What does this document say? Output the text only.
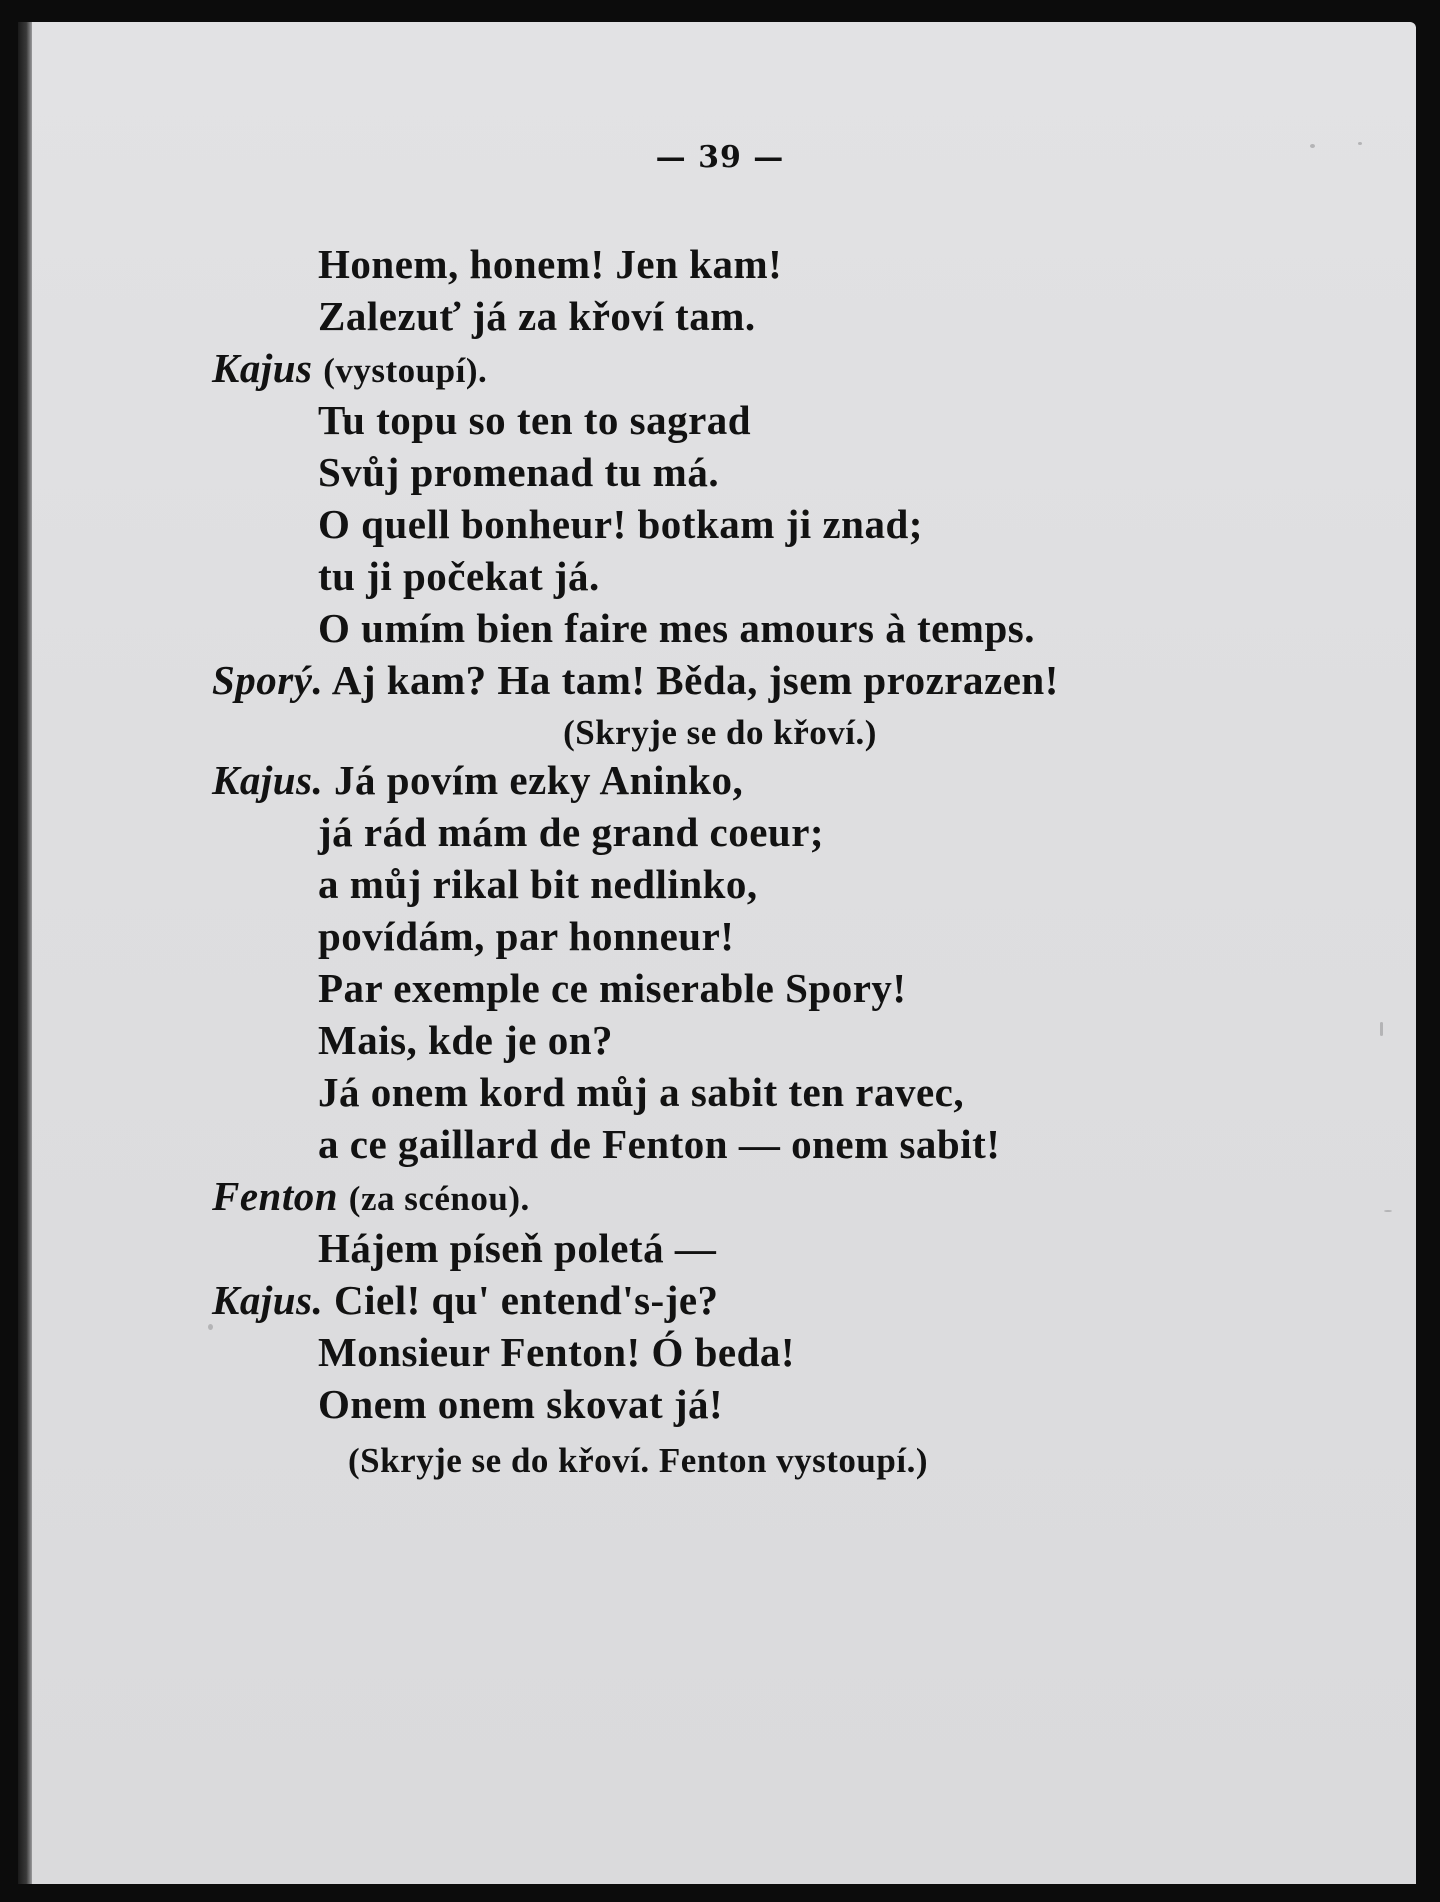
— 39 —
Honem, honem! Jen kam!
Zalezuť já za křoví tam.
Kajus (vystoupí).
Tu topu so ten to sagrad
Svůj promenad tu má.
O quell bonheur! botkam ji znad;
tu ji počekat já.
O umím bien faire mes amours à temps.
Sporý. Aj kam? Ha tam! Běda, jsem prozrazen!
(Skryje se do křoví.)
Kajus. Já povím ezky Aninko,
já rád mám de grand coeur;
a můj rikal bit nedlinko,
povídám, par honneur!
Par exemple ce miserable Spory!
Mais, kde je on?
Já onem kord můj a sabit ten ravec,
a ce gaillard de Fenton — onem sabit!
Fenton (za scénou).
Hájem píseň poletá —
Kajus. Ciel! qu' entend's-je?
Monsieur Fenton! Ó beda!
Onem onem skovat já!
(Skryje se do křoví. Fenton vystoupí.)
